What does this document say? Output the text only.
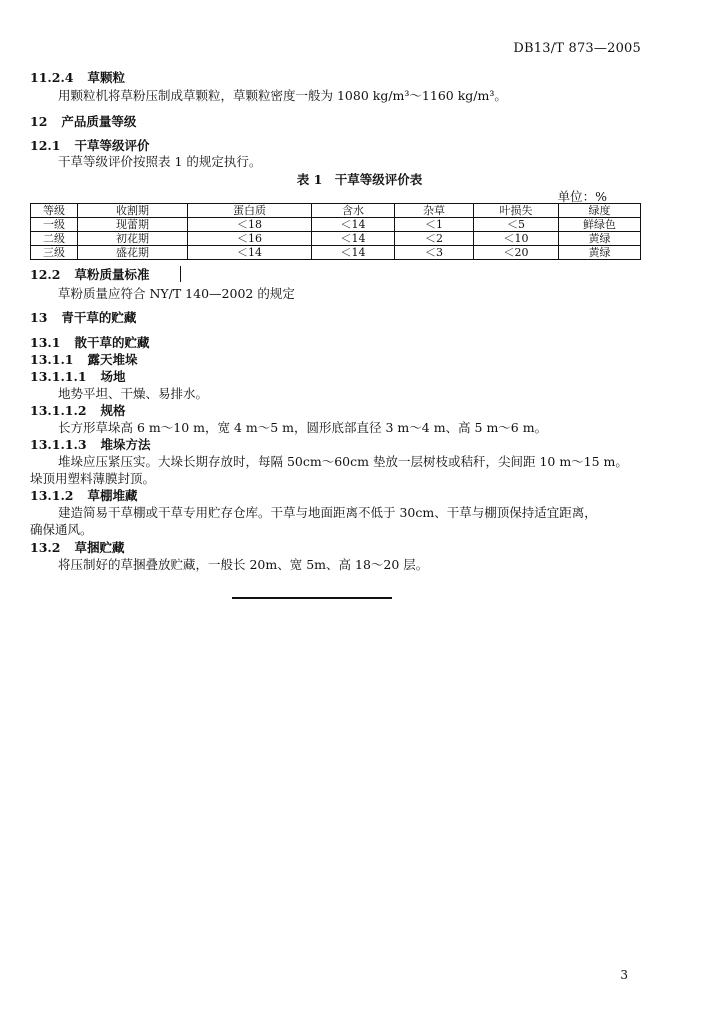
DB13/T 873—2005
11.2.4 草颗粒
用颗粒机将草粉压制成草颗粒，草颗粒密度一般为 1080 kg/m³～1160 kg/m³。
12 产品质量等级
12.1 干草等级评价
干草等级评价按照表 1 的规定执行。
表 1　干草等级评价表
单位：%
等级	收割期	蛋白质	含水	杂草	叶损失	绿度
一级	现蕾期	＜18	＜14	＜1	＜5	鲜绿色
二级	初花期	＜16	＜14	＜2	＜10	黄绿
三级	盛花期	＜14	＜14	＜3	＜20	黄绿
12.2 草粉质量标准
草粉质量应符合 NY/T 140—2002 的规定
13 青干草的贮藏
13.1 散干草的贮藏
13.1.1 露天堆垛
13.1.1.1 场地
地势平坦、干燥、易排水。
13.1.1.2 规格
长方形草垛高 6 m～10 m，宽 4 m～5 m，圆形底部直径 3 m～4 m、高 5 m～6 m。
13.1.1.3 堆垛方法
堆垛应压紧压实。大垛长期存放时，每隔 50cm～60cm 垫放一层树枝或秸秆，尖间距 10 m～15 m。
垛顶用塑料薄膜封顶。
13.1.2 草棚堆藏
建造简易干草棚或干草专用贮存仓库。干草与地面距离不低于 30cm、干草与棚顶保持适宜距离，
确保通风。
13.2 草捆贮藏
将压制好的草捆叠放贮藏，一般长 20m、宽 5m、高 18～20 层。
3
